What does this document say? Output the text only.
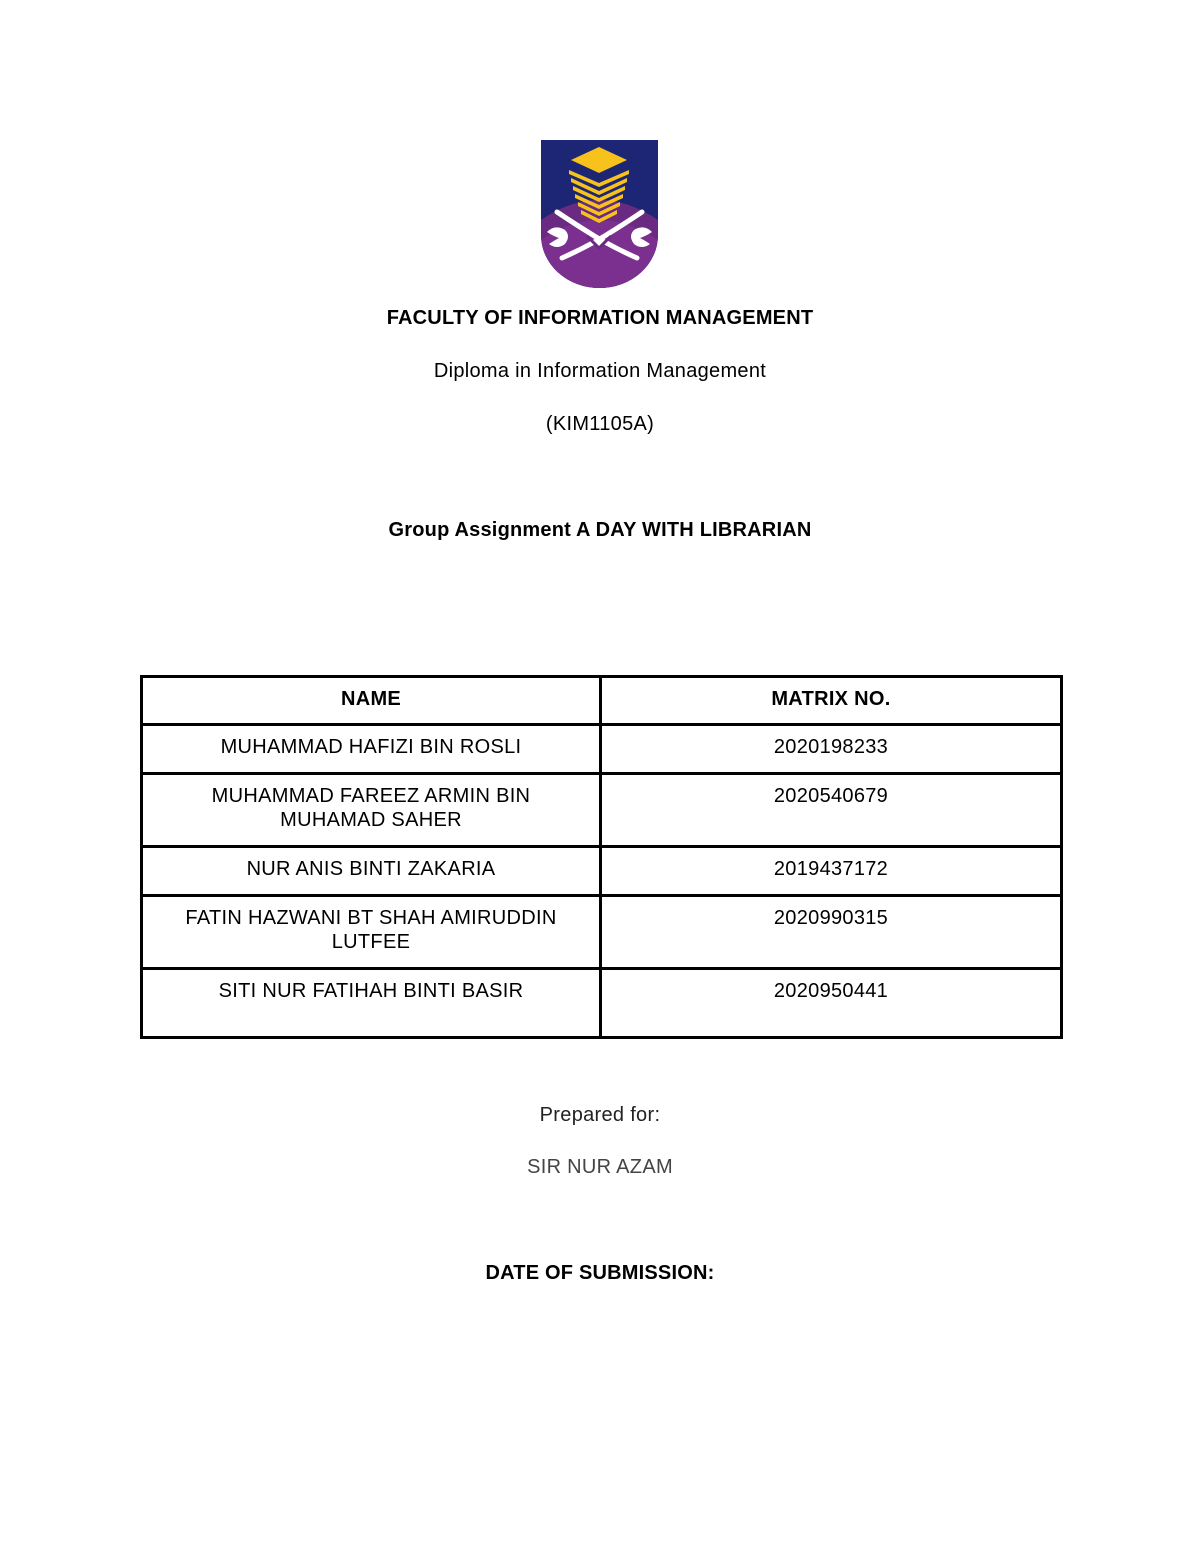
FACULTY OF INFORMATION MANAGEMENT
Diploma in Information Management
(KIM1105A)
Group Assignment A DAY WITH LIBRARIAN
NAME	MATRIX NO.
MUHAMMAD HAFIZI BIN ROSLI	2020198233
MUHAMMAD FAREEZ ARMIN BIN
MUHAMAD SAHER	2020540679
NUR ANIS BINTI ZAKARIA	2019437172
FATIN HAZWANI BT SHAH AMIRUDDIN
LUTFEE	2020990315
SITI NUR FATIHAH BINTI BASIR	2020950441
Prepared for:
SIR NUR AZAM
DATE OF SUBMISSION:
